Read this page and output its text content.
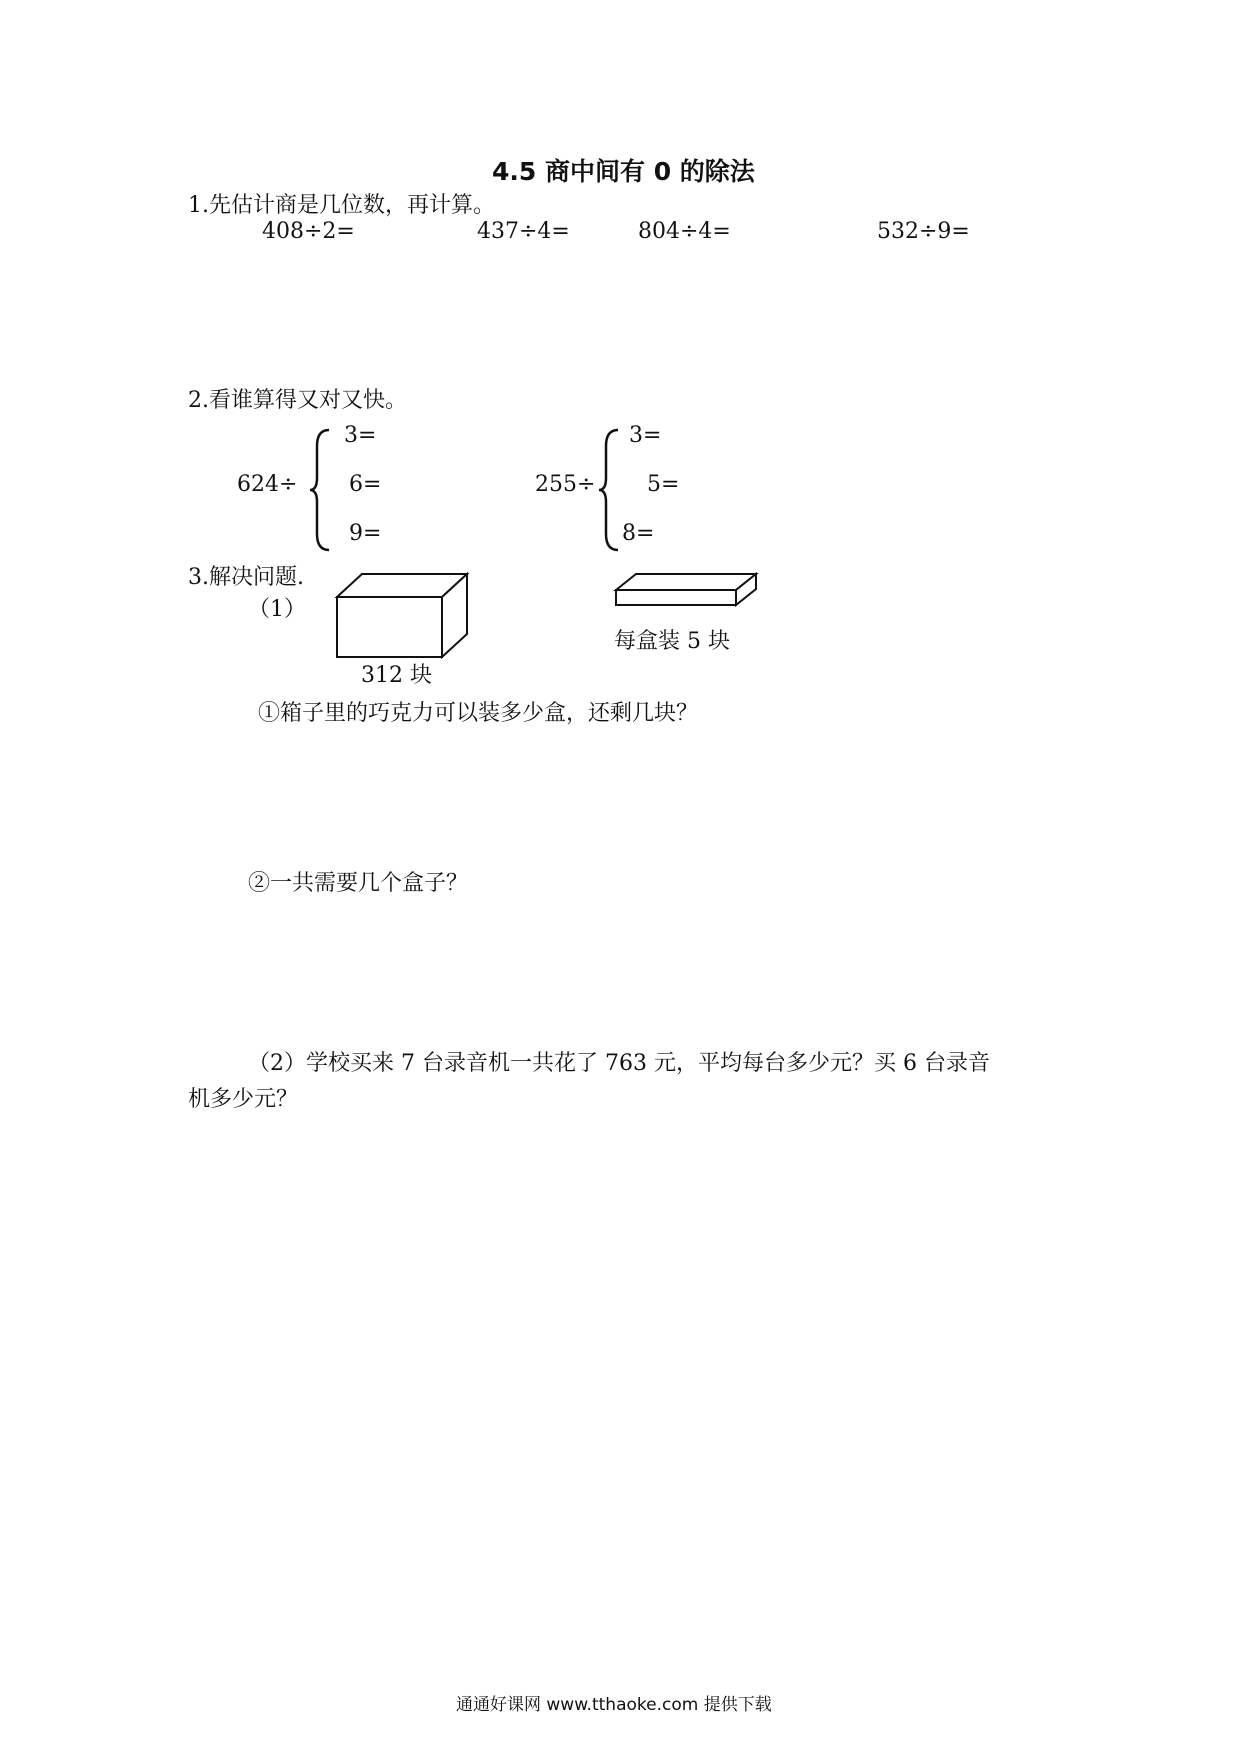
4.5 商中间有 0 的除法
1.先估计商是几位数，再计算。
408÷2=	437÷4=	804÷4=	532÷9=
2.看谁算得又对又快。
624÷
3=
6=
9=
255÷
3=
5=
8=
3.解决问题.
（1）
312 块
每盒装 5 块
①箱子里的巧克力可以装多少盒，还剩几块？
②一共需要几个盒子？
（2）学校买来 7 台录音机一共花了 763 元，平均每台多少元？买 6 台录音
机多少元？
通通好课网 www.tthaoke.com 提供下载
